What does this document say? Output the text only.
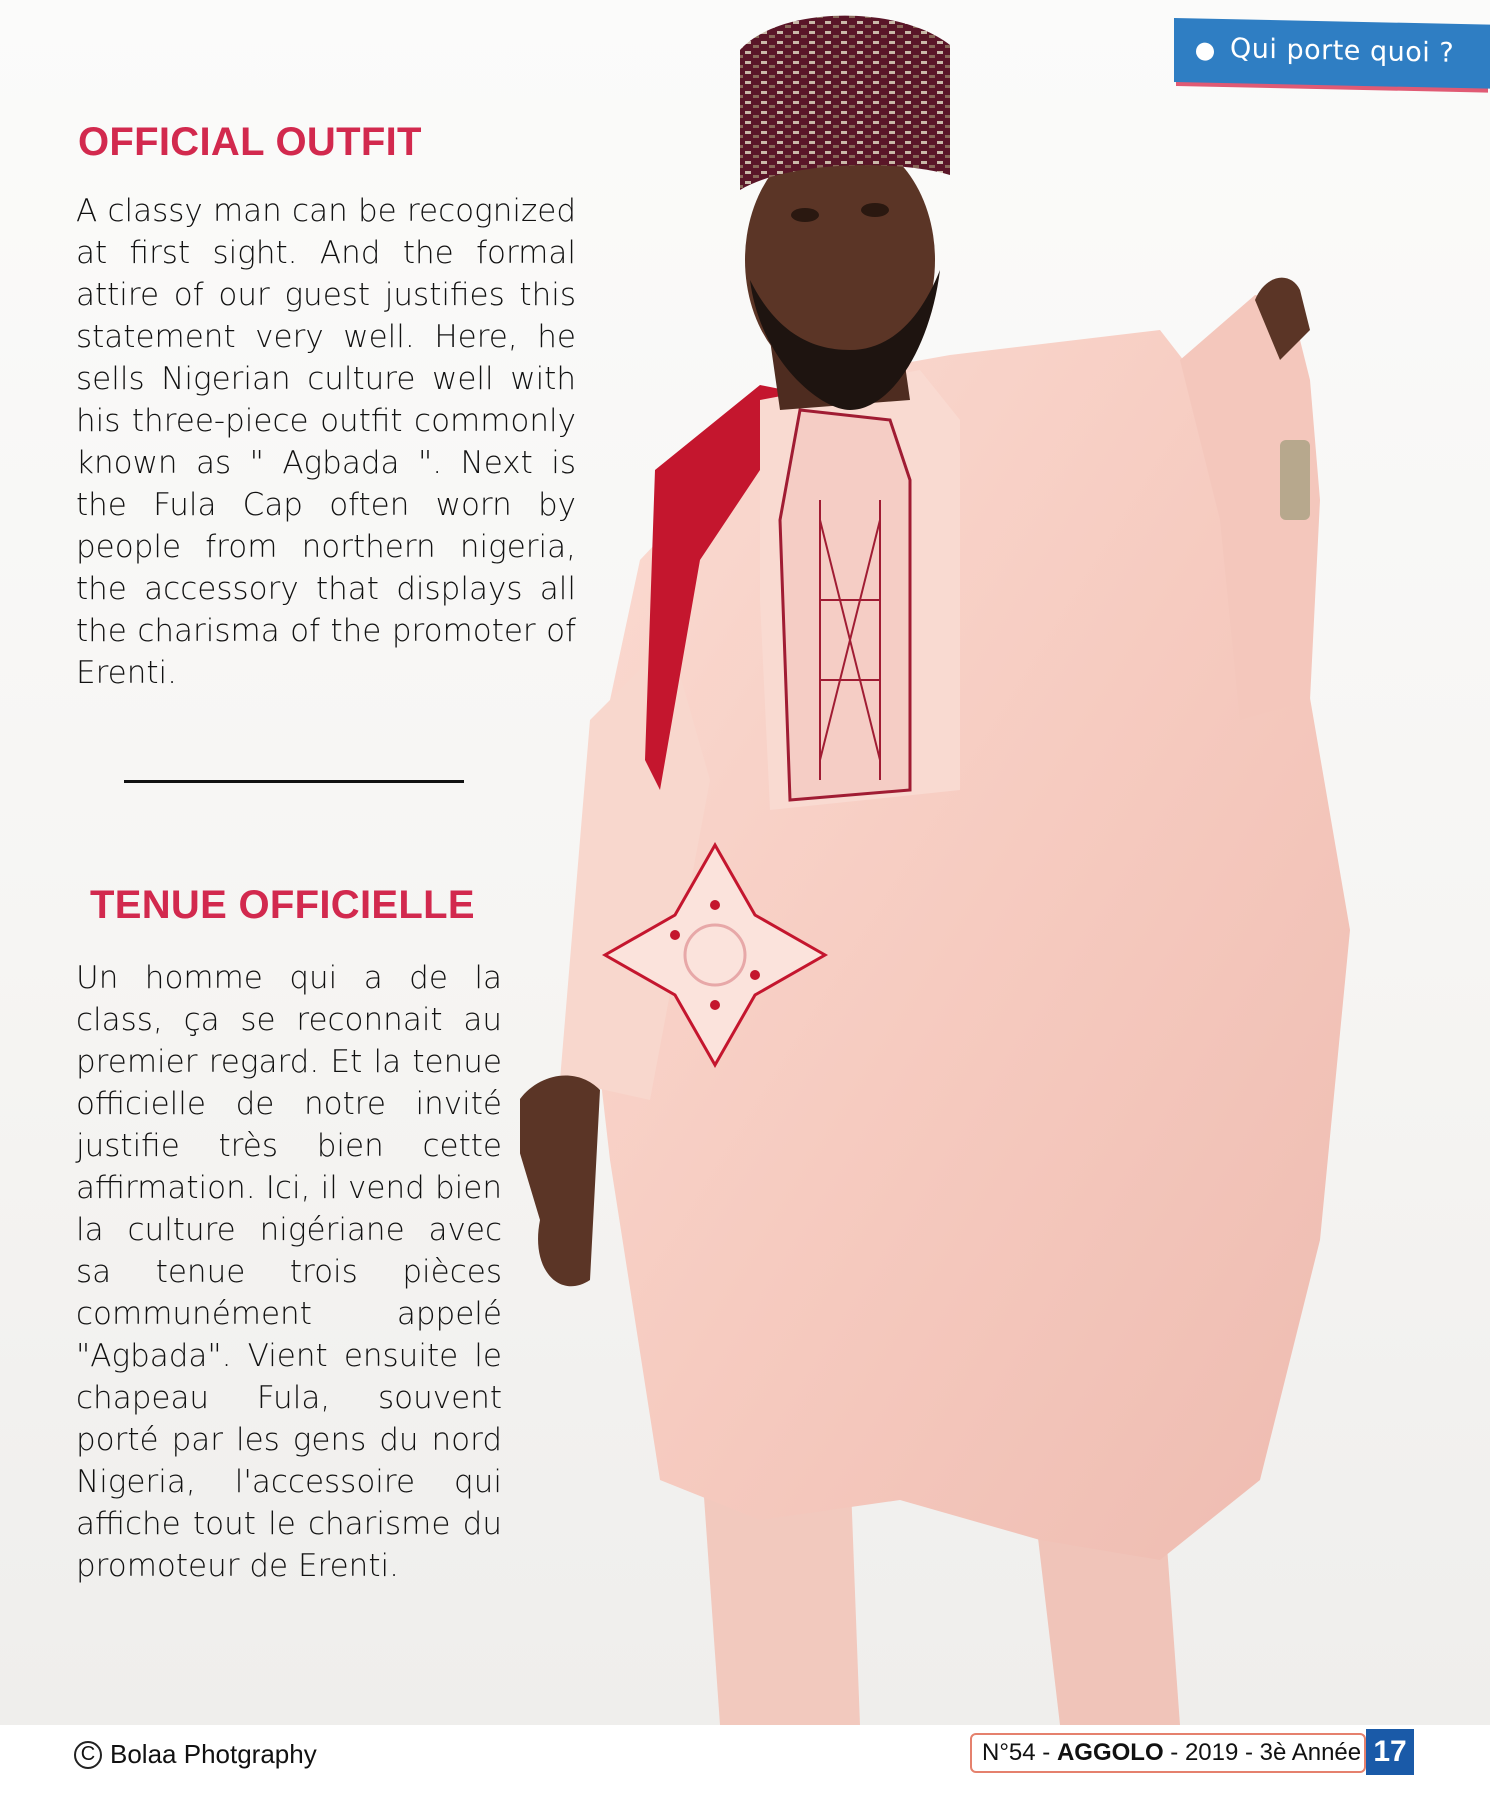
Qui porte quoi ?
OFFICIAL OUTFIT

A classy man can be recognized at first sight. And the formal attire of our guest justifies this statement very well. Here, he sells Nigerian culture well with his three-piece outfit commonly known as " Agbada ". Next is the Fula Cap often worn by people from northern nigeria, the accessory that displays all the charisma of the promoter of Erenti.

TENUE OFFICIELLE

Un homme qui a de la class, ça se reconnait au premier regard. Et la tenue officielle de notre invité justifie très bien cette affirmation. Ici, il vend bien la culture nigériane avec sa tenue trois pièces communément appelé "Agbada". Vient ensuite le chapeau Fula, souvent porté par les gens du nord Nigeria, l'accessoire qui affiche tout le charisme du promoteur de Erenti.

C Bolaa Photgraphy	N°54 - AGGOLO - 2019 - 3è Année 17
